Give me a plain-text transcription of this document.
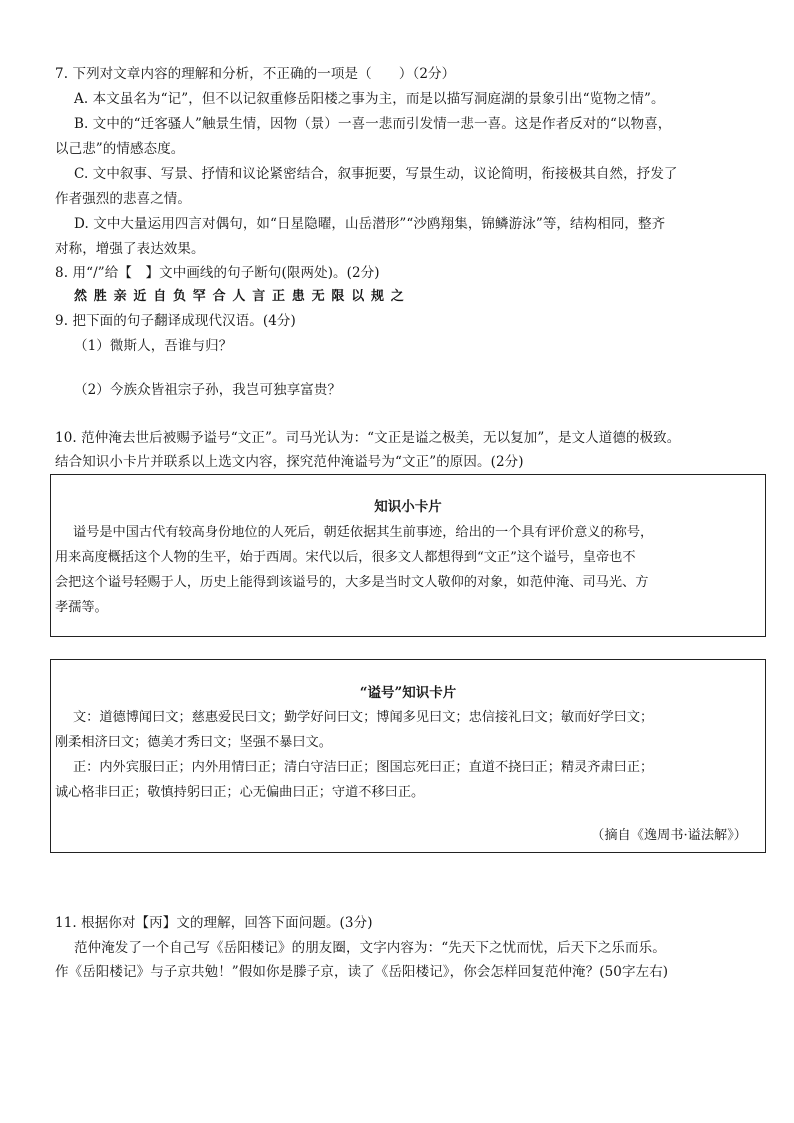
7. 下列对文章内容的理解和分析，不正确的一项是（　　）（2分）
A. 本文虽名为“记”，但不以记叙重修岳阳楼之事为主，而是以描写洞庭湖的景象引出“览物之情”。
B. 文中的“迁客骚人”触景生情，因物（景）一喜一悲而引发情一悲一喜。这是作者反对的“以物喜，
以己悲”的情感态度。
C. 文中叙事、写景、抒情和议论紧密结合，叙事扼要，写景生动，议论简明，衔接极其自然，抒发了
作者强烈的悲喜之情。
D. 文中大量运用四言对偶句，如“日星隐曜，山岳潜形”“沙鸥翔集，锦鳞游泳”等，结构相同，整齐
对称，增强了表达效果。
8. 用“/”给【　】文中画线的句子断句(限两处)。(2分)
然胜亲近自负罕合人言正患无限以规之
9. 把下面的句子翻译成现代汉语。(4分)
（1）微斯人，吾谁与归？
（2）今族众皆祖宗子孙，我岂可独享富贵？
10. 范仲淹去世后被赐予谥号“文正”。司马光认为：“文正是谥之极美，无以复加”，是文人道德的极致。
结合知识小卡片并联系以上选文内容，探究范仲淹谥号为“文正”的原因。(2分)
知识小卡片
谥号是中国古代有较高身份地位的人死后，朝廷依据其生前事迹，给出的一个具有评价意义的称号，
用来高度概括这个人物的生平，始于西周。宋代以后，很多文人都想得到“文正”这个谥号，皇帝也不
会把这个谥号轻赐于人，历史上能得到该谥号的，大多是当时文人敬仰的对象，如范仲淹、司马光、方
孝孺等。
“谥号”知识卡片
文：道德博闻曰文；慈惠爱民曰文；勤学好问曰文；博闻多见曰文；忠信接礼曰文；敏而好学曰文；
刚柔相济曰文；德美才秀曰文；坚强不暴曰文。
正：内外宾服曰正；内外用情曰正；清白守洁曰正；图国忘死曰正；直道不挠曰正；精灵齐肃曰正；
诚心格非曰正；敬慎持躬曰正；心无偏曲曰正；守道不移曰正。
（摘自《逸周书·谥法解》）
11. 根据你对【丙】文的理解，回答下面问题。(3分)
范仲淹发了一个自己写《岳阳楼记》的朋友圈，文字内容为：“先天下之忧而忧，后天下之乐而乐。
作《岳阳楼记》与子京共勉！”假如你是滕子京，读了《岳阳楼记》，你会怎样回复范仲淹？(50字左右)
